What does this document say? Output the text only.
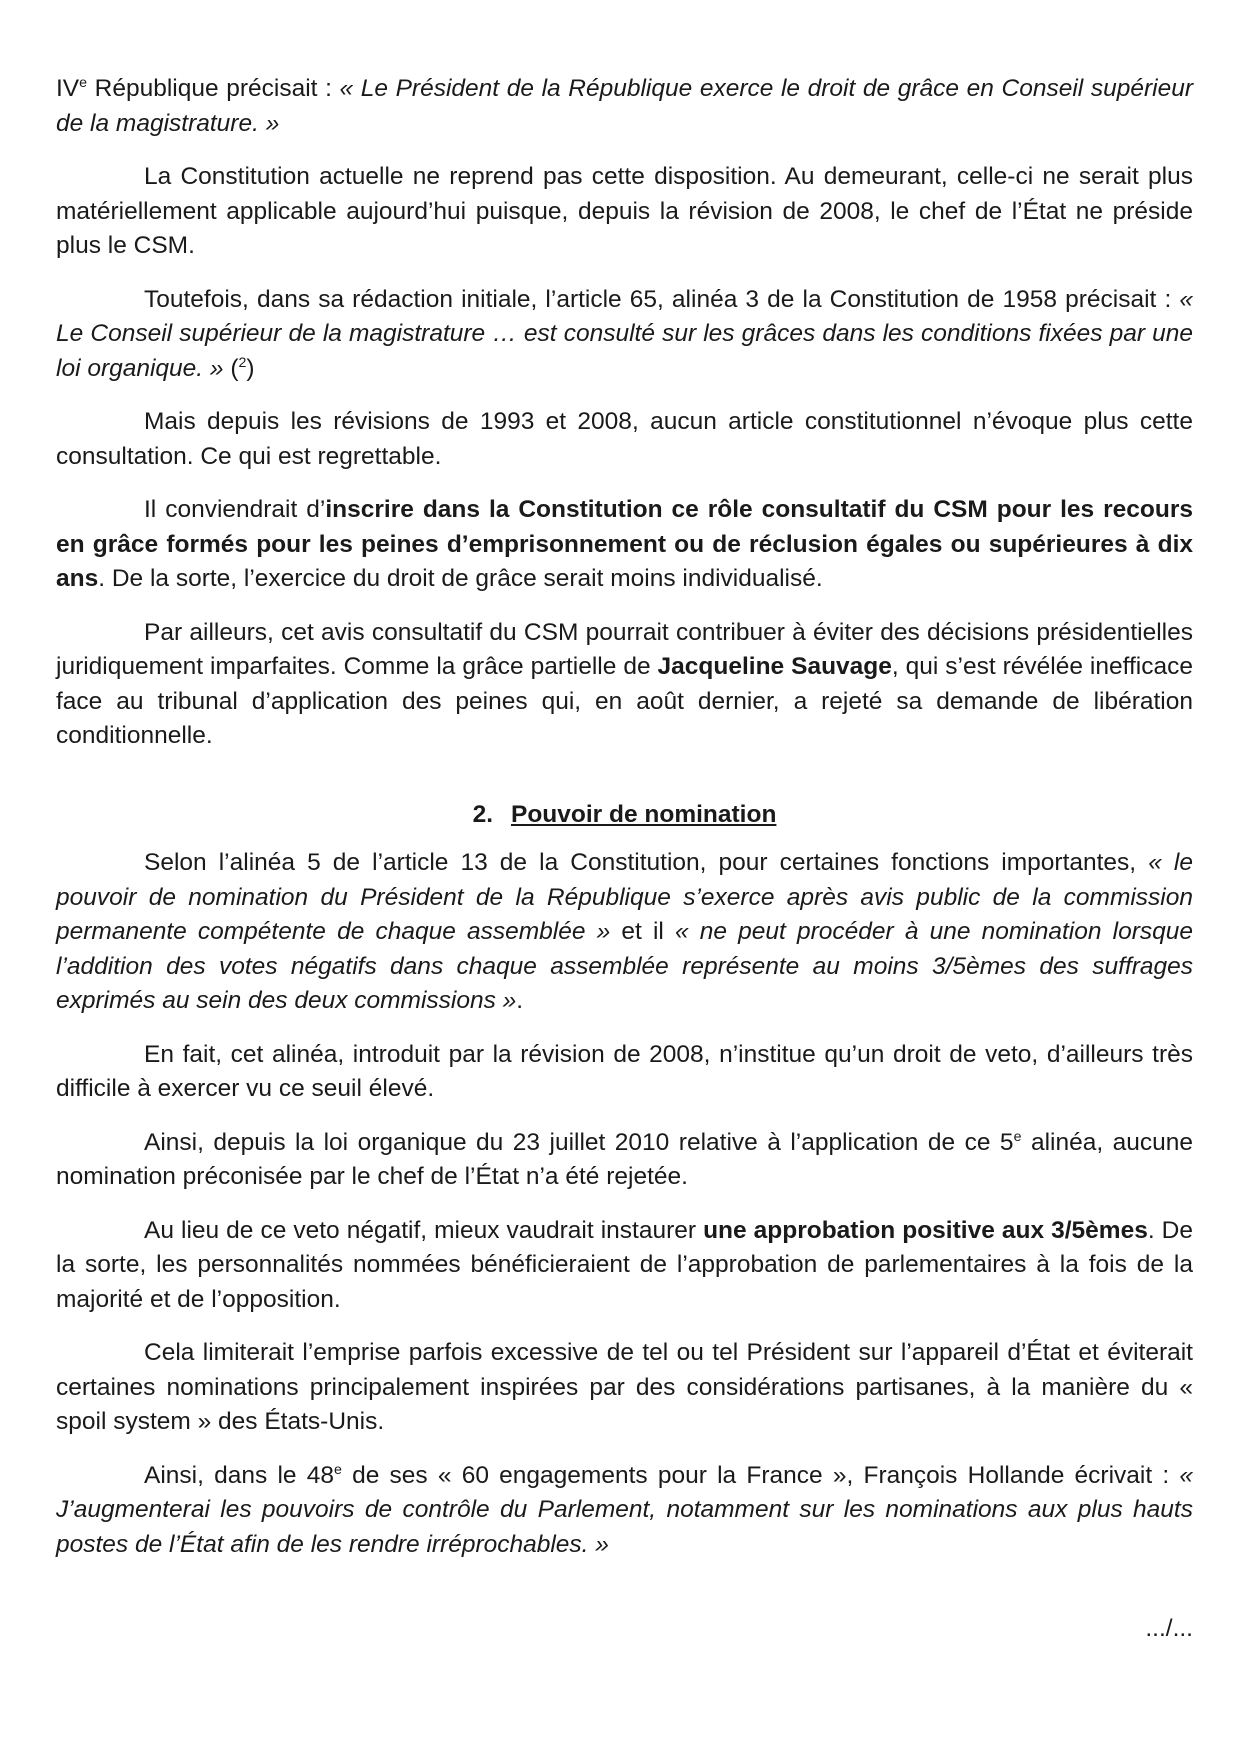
IVe République précisait : « Le Président de la République exerce le droit de grâce en Conseil supérieur de la magistrature. »

La Constitution actuelle ne reprend pas cette disposition. Au demeurant, celle-ci ne serait plus matériellement applicable aujourd’hui puisque, depuis la révision de 2008, le chef de l’État ne préside plus le CSM.

Toutefois, dans sa rédaction initiale, l’article 65, alinéa 3 de la Constitution de 1958 précisait : « Le Conseil supérieur de la magistrature … est consulté sur les grâces dans les conditions fixées par une loi organique. » ($^2$)

Mais depuis les révisions de 1993 et 2008, aucun article constitutionnel n’évoque plus cette consultation. Ce qui est regrettable.

Il conviendrait d’inscrire dans la Constitution ce rôle consultatif du CSM pour les recours en grâce formés pour les peines d’emprisonnement ou de réclusion égales ou supérieures à dix ans. De la sorte, l’exercice du droit de grâce serait moins individualisé.

Par ailleurs, cet avis consultatif du CSM pourrait contribuer à éviter des décisions présidentielles juridiquement imparfaites. Comme la grâce partielle de Jacqueline Sauvage, qui s’est révélée inefficace face au tribunal d’application des peines qui, en août dernier, a rejeté sa demande de libération conditionnelle.

2. Pouvoir de nomination

Selon l’alinéa 5 de l’article 13 de la Constitution, pour certaines fonctions importantes, « le pouvoir de nomination du Président de la République s’exerce après avis public de la commission permanente compétente de chaque assemblée » et il « ne peut procéder à une nomination lorsque l’addition des votes négatifs dans chaque assemblée représente au moins 3/5èmes des suffrages exprimés au sein des deux commissions ».

En fait, cet alinéa, introduit par la révision de 2008, n’institue qu’un droit de veto, d’ailleurs très difficile à exercer vu ce seuil élevé.

Ainsi, depuis la loi organique du 23 juillet 2010 relative à l’application de ce 5e alinéa, aucune nomination préconisée par le chef de l’État n’a été rejetée.

Au lieu de ce veto négatif, mieux vaudrait instaurer une approbation positive aux 3/5èmes. De la sorte, les personnalités nommées bénéficieraient de l’approbation de parlementaires à la fois de la majorité et de l’opposition.

Cela limiterait l’emprise parfois excessive de tel ou tel Président sur l’appareil d’État et éviterait certaines nominations principalement inspirées par des considérations partisanes, à la manière du « spoil system » des États-Unis.

Ainsi, dans le 48e de ses « 60 engagements pour la France », François Hollande écrivait : « J’augmenterai les pouvoirs de contrôle du Parlement, notamment sur les nominations aux plus hauts postes de l’État afin de les rendre irréprochables. »

.../...
